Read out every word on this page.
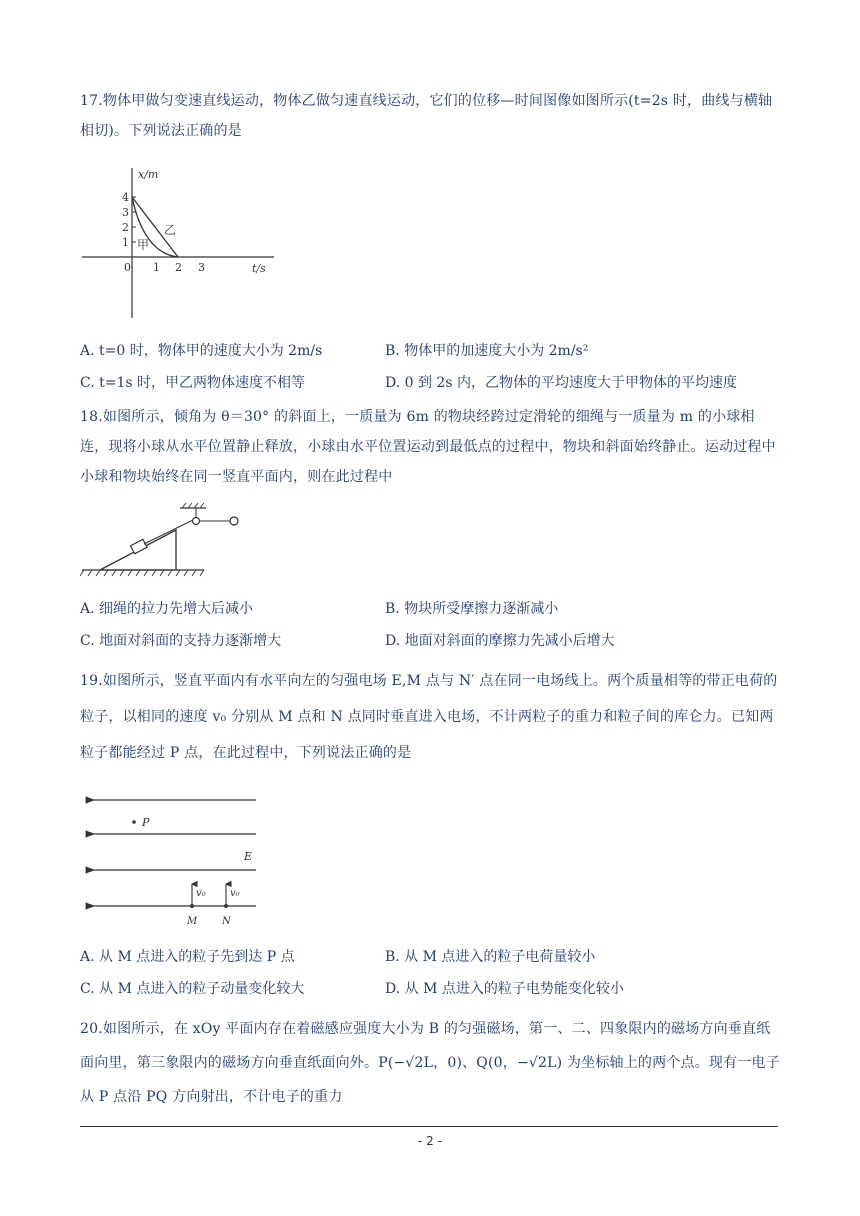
17.物体甲做匀变速直线运动，物体乙做匀速直线运动，它们的位移—时间图像如图所示(t=2s 时，曲线与横轴相切)。下列说法正确的是

x/m
t/s
4
3
2
1
0 1 2 3
乙
甲
A. t=0 时，物体甲的速度大小为 2m/s	B. 物体甲的加速度大小为 2m/s²
C. t=1s 时，甲乙两物体速度不相等	D. 0 到 2s 内，乙物体的平均速度大于甲物体的平均速度

18.如图所示，倾角为 θ＝30° 的斜面上，一质量为 6m 的物块经跨过定滑轮的细绳与一质量为 m 的小球相连，现将小球从水平位置静止释放，小球由水平位置运动到最低点的过程中，物块和斜面始终静止。运动过程中小球和物块始终在同一竖直平面内，则在此过程中

A. 细绳的拉力先增大后减小	B. 物块所受摩擦力逐渐减小
C. 地面对斜面的支持力逐渐增大	D. 地面对斜面的摩擦力先减小后增大

19.如图所示，竖直平面内有水平向左的匀强电场 E,M 点与 N′ 点在同一电场线上。两个质量相等的带正电荷的粒子，以相同的速度 v₀ 分别从 M 点和 N 点同时垂直进入电场，不计两粒子的重力和粒子间的库仑力。已知两粒子都能经过 P 点，在此过程中，下列说法正确的是

P
E
v₀ v₀
M N
A. 从 M 点进入的粒子先到达 P 点	B. 从 M 点进入的粒子电荷量较小
C. 从 M 点进入的粒子动量变化较大	D. 从 M 点进入的粒子电势能变化较小

20.如图所示，在 xOy 平面内存在着磁感应强度大小为 B 的匀强磁场，第一、二、四象限内的磁场方向垂直纸面向里，第三象限内的磁场方向垂直纸面向外。P(−√2L，0)、Q(0，−√2L) 为坐标轴上的两个点。现有一电子从 P 点沿 PQ 方向射出，不计电子的重力

- 2 -
